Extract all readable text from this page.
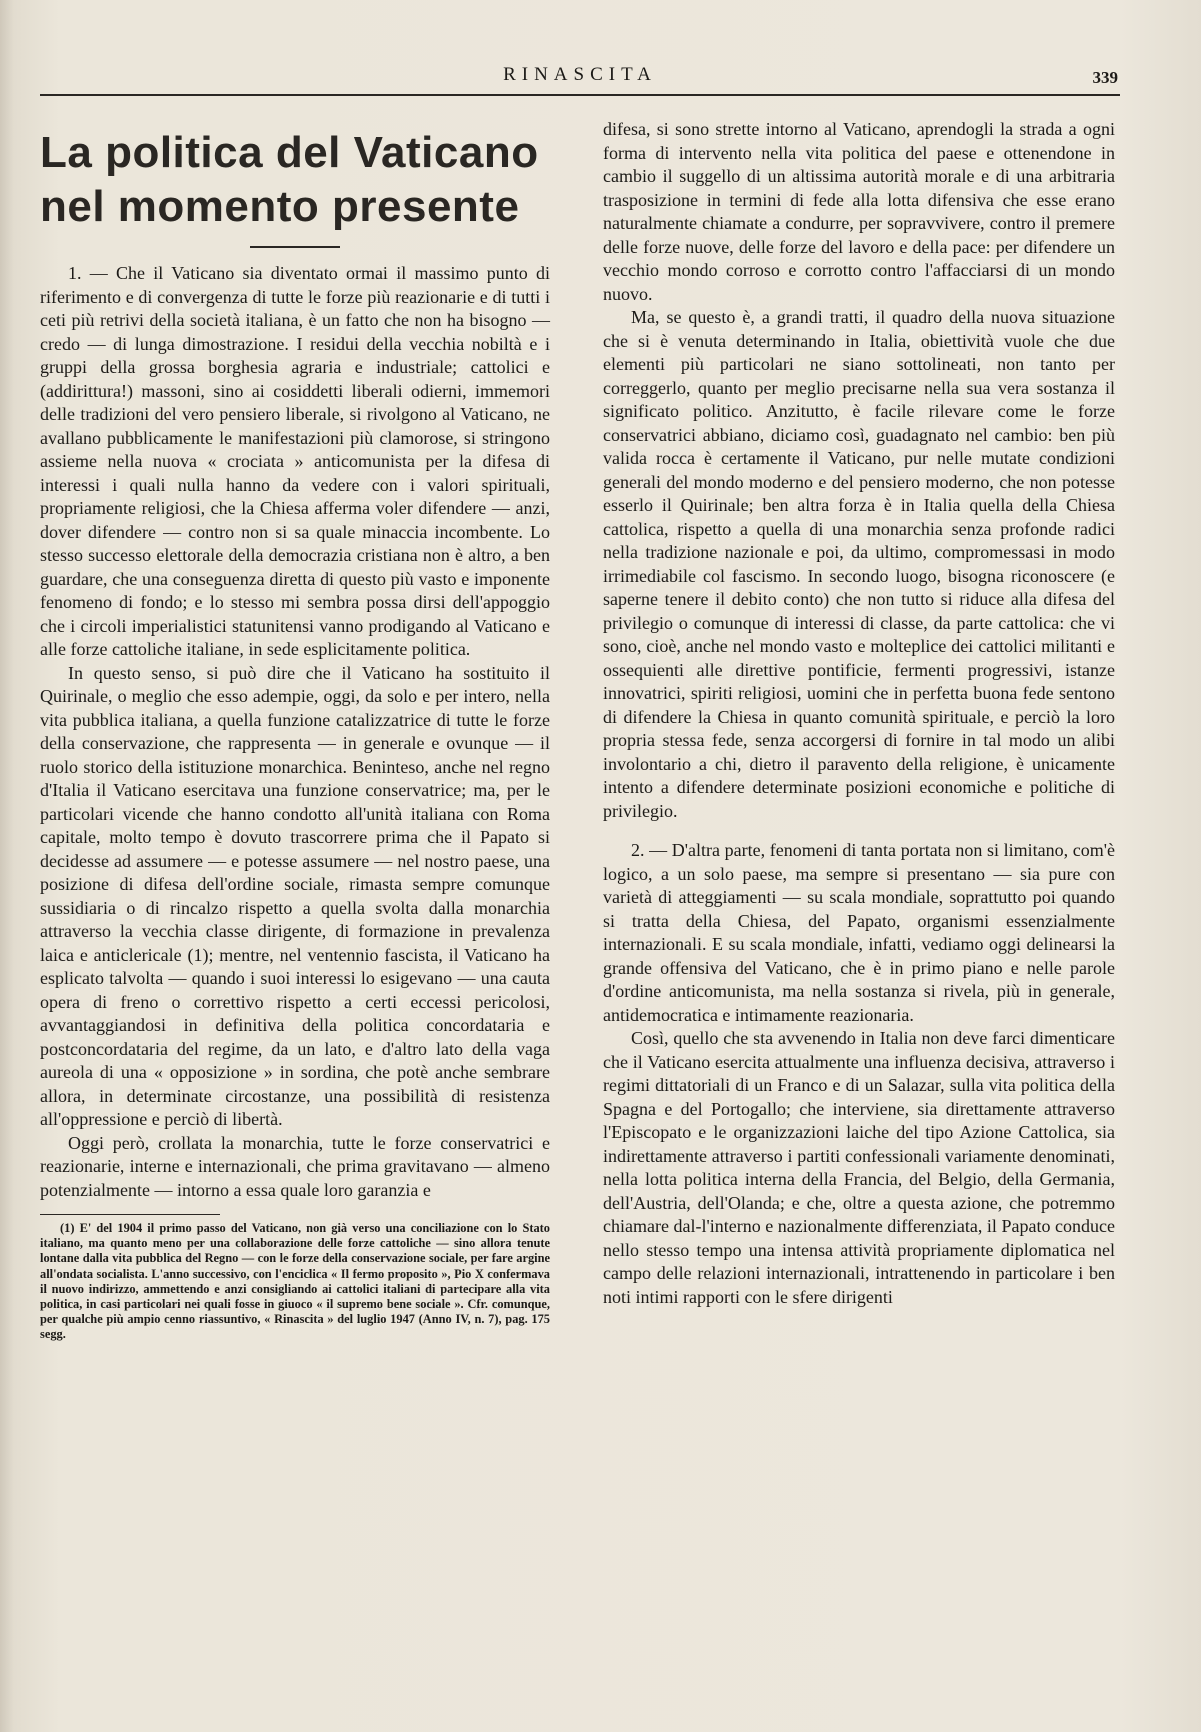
RINASCITA	339
La politica del Vaticano
nel momento presente

1. — Che il Vaticano sia diventato ormai il massimo punto di riferimento e di convergenza di tutte le forze più reazionarie e di tutti i ceti più retrivi della società italiana, è un fatto che non ha bisogno — credo — di lunga dimostrazione. I residui della vecchia nobiltà e i gruppi della grossa borghesia agraria e industriale; cattolici e (addirittura!) massoni, sino ai cosiddetti liberali odierni, immemori delle tradizioni del vero pensiero liberale, si rivolgono al Vaticano, ne avallano pubblicamente le manifestazioni più clamorose, si stringono assieme nella nuova « crociata » anticomunista per la difesa di interessi i quali nulla hanno da vedere con i valori spirituali, propriamente religiosi, che la Chiesa afferma voler difendere — anzi, dover difendere — contro non si sa quale minaccia incombente. Lo stesso successo elettorale della democrazia cristiana non è altro, a ben guardare, che una conseguenza diretta di questo più vasto e imponente fenomeno di fondo; e lo stesso mi sembra possa dirsi dell'appoggio che i circoli imperialistici statunitensi vanno prodigando al Vaticano e alle forze cattoliche italiane, in sede esplicitamente politica.

In questo senso, si può dire che il Vaticano ha sostituito il Quirinale, o meglio che esso adempie, oggi, da solo e per intero, nella vita pubblica italiana, a quella funzione catalizzatrice di tutte le forze della conservazione, che rappresenta — in generale e ovunque — il ruolo storico della istituzione monarchica. Beninteso, anche nel regno d'Italia il Vaticano esercitava una funzione conservatrice; ma, per le particolari vicende che hanno condotto all'unità italiana con Roma capitale, molto tempo è dovuto trascorrere prima che il Papato si decidesse ad assumere — e potesse assumere — nel nostro paese, una posizione di difesa dell'ordine sociale, rimasta sempre comunque sussidiaria o di rincalzo rispetto a quella svolta dalla monarchia attraverso la vecchia classe dirigente, di formazione in prevalenza laica e anticlericale (1); mentre, nel ventennio fascista, il Vaticano ha esplicato talvolta — quando i suoi interessi lo esigevano — una cauta opera di freno o correttivo rispetto a certi eccessi pericolosi, avvantaggiandosi in definitiva della politica concordataria e postconcordataria del regime, da un lato, e d'altro lato della vaga aureola di una « opposizione » in sordina, che potè anche sembrare allora, in determinate circostanze, una possibilità di resistenza all'oppressione e perciò di libertà.

Oggi però, crollata la monarchia, tutte le forze conservatrici e reazionarie, interne e internazionali, che prima gravitavano — almeno potenzialmente — intorno a essa quale loro garanzia e

(1) E' del 1904 il primo passo del Vaticano, non già verso una conciliazione con lo Stato italiano, ma quanto meno per una collaborazione delle forze cattoliche — sino allora tenute lontane dalla vita pubblica del Regno — con le forze della conservazione sociale, per fare argine all'ondata socialista. L'anno successivo, con l'enciclica « Il fermo proposito », Pio X confermava il nuovo indirizzo, ammettendo e anzi consigliando ai cattolici italiani di partecipare alla vita politica, in casi particolari nei quali fosse in giuoco « il supremo bene sociale ». Cfr. comunque, per qualche più ampio cenno riassuntivo, « Rinascita » del luglio 1947 (Anno IV, n. 7), pag. 175 segg.

difesa, si sono strette intorno al Vaticano, aprendogli la strada a ogni forma di intervento nella vita politica del paese e ottenendone in cambio il suggello di un altissima autorità morale e di una arbitraria trasposizione in termini di fede alla lotta difensiva che esse erano naturalmente chiamate a condurre, per sopravvivere, contro il premere delle forze nuove, delle forze del lavoro e della pace: per difendere un vecchio mondo corroso e corrotto contro l'affacciarsi di un mondo nuovo.

Ma, se questo è, a grandi tratti, il quadro della nuova situazione che si è venuta determinando in Italia, obiettività vuole che due elementi più particolari ne siano sottolineati, non tanto per correggerlo, quanto per meglio precisarne nella sua vera sostanza il significato politico. Anzitutto, è facile rilevare come le forze conservatrici abbiano, diciamo così, guadagnato nel cambio: ben più valida rocca è certamente il Vaticano, pur nelle mutate condizioni generali del mondo moderno e del pensiero moderno, che non potesse esserlo il Quirinale; ben altra forza è in Italia quella della Chiesa cattolica, rispetto a quella di una monarchia senza profonde radici nella tradizione nazionale e poi, da ultimo, compromessasi in modo irrimediabile col fascismo. In secondo luogo, bisogna riconoscere (e saperne tenere il debito conto) che non tutto si riduce alla difesa del privilegio o comunque di interessi di classe, da parte cattolica: che vi sono, cioè, anche nel mondo vasto e molteplice dei cattolici militanti e ossequienti alle direttive pontificie, fermenti progressivi, istanze innovatrici, spiriti religiosi, uomini che in perfetta buona fede sentono di difendere la Chiesa in quanto comunità spirituale, e perciò la loro propria stessa fede, senza accorgersi di fornire in tal modo un alibi involontario a chi, dietro il paravento della religione, è unicamente intento a difendere determinate posizioni economiche e politiche di privilegio.

2. — D'altra parte, fenomeni di tanta portata non si limitano, com'è logico, a un solo paese, ma sempre si presentano — sia pure con varietà di atteggiamenti — su scala mondiale, soprattutto poi quando si tratta della Chiesa, del Papato, organismi essenzialmente internazionali. E su scala mondiale, infatti, vediamo oggi delinearsi la grande offensiva del Vaticano, che è in primo piano e nelle parole d'ordine anticomunista, ma nella sostanza si rivela, più in generale, antidemocratica e intimamente reazionaria.

Così, quello che sta avvenendo in Italia non deve farci dimenticare che il Vaticano esercita attualmente una influenza decisiva, attraverso i regimi dittatoriali di un Franco e di un Salazar, sulla vita politica della Spagna e del Portogallo; che interviene, sia direttamente attraverso l'Episcopato e le organizzazioni laiche del tipo Azione Cattolica, sia indirettamente attraverso i partiti confessionali variamente denominati, nella lotta politica interna della Francia, del Belgio, della Germania, dell'Austria, dell'Olanda; e che, oltre a questa azione, che potremmo chiamare dal-l'interno e nazionalmente differenziata, il Papato conduce nello stesso tempo una intensa attività propriamente diplomatica nel campo delle relazioni internazionali, intrattenendo in particolare i ben noti intimi rapporti con le sfere dirigenti
